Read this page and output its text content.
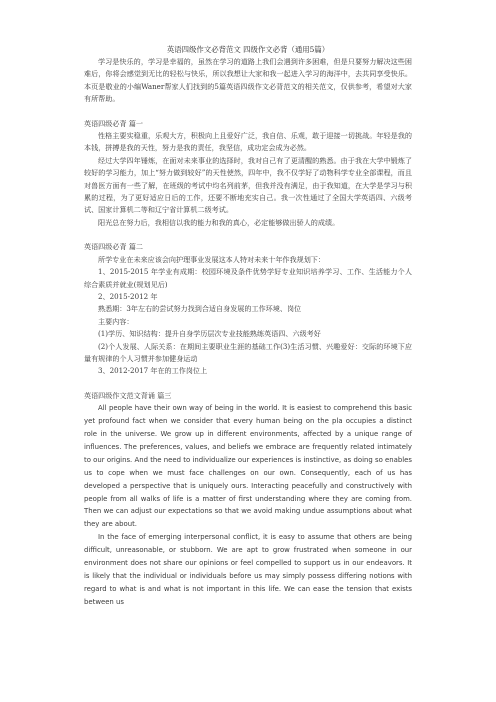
英语四级作文必背范文 四级作文必背（通用5篇）

学习是快乐的，学习是幸福的，虽然在学习的道路上我们会遇到许多困难，但是只要努力解决这些困难后，你将会感觉到无比的轻松与快乐，所以我想让大家和我一起进入学习的海洋中，去共同享受快乐。本页是敬业的小编Waner帮家人们找到的5篇英语四级作文必背范文的相关范文，仅供参考，希望对大家有所帮助。

英语四级必背 篇一

性格主要实稳重，乐观大方，积极向上且爱好广泛，我自信、乐观，敢于迎接一切挑战。年轻是我的本钱，拼搏是我的天性，努力是我的责任，我坚信，成功定会成为必然。

经过大学四年锤炼，在面对未来事业的选择时，我对自己有了更清醒的熟悉。由于我在大学中锻炼了较好的学习能力，加上“努力做到较好”的天性使然，四年中，我不仅学好了动物科学专业全部课程，而且对兽医方面有一些了解，在班级的考试中均名列前茅，但我并没有满足，由于我知道，在大学是学习与积累的过程，为了更好适应日后的工作，还要不断地充实自己。我一次性通过了全国大学英语四、六级考试、国家计算机二等和辽宁省计算机二级考试。

阳光总在努力后，我相信以我的能力和我的真心，必定能够做出骄人的成绩。

英语四级必背 篇二

所学专业在未来应该会向护理事业发展这本人特对未来十年作我规划下：

1、2015-2015 年学业有成期：校园环境及条件优势学好专业知识培养学习、工作、生活能力个人综合素质并就业(规划见后)

2、2015-2012 年

熟悉期：3年左右的尝试努力找到合适自身发展的工作环境、岗位

主要内容：

(1)学历、知识结构：提升自身学历层次专业技能熟练英语四、六级考好

(2)个人发展、人际关系：在期间主要职业生涯的基础工作(3)生活习惯、兴趣爱好：交际的环境下应量有规律的个人习惯并参加健身运动

3、2012-2017 年在的工作岗位上

英语四级作文范文背诵 篇三

All people have their own way of being in the world. It is easiest to comprehend this basic yet profound fact when we consider that every human being on the pla occupies a distinct role in the universe. We grow up in different environments, affected by a unique range of influences. The preferences, values, and beliefs we embrace are frequently related intimately to our origins. And the need to individualize our experiences is instinctive, as doing so enables us to cope when we must face challenges on our own. Consequently, each of us has developed a perspective that is uniquely ours. Interacting peacefully and constructively with people from all walks of life is a matter of first understanding where they are coming from. Then we can adjust our expectations so that we avoid making undue assumptions about what they are about.

In the face of emerging interpersonal conflict, it is easy to assume that others are being difficult, unreasonable, or stubborn. We are apt to grow frustrated when someone in our environment does not share our opinions or feel compelled to support us in our endeavors. It is likely that the individual or individuals before us may simply possess differing notions with regard to what is and what is not important in this life. We can ease the tension that exists between us
